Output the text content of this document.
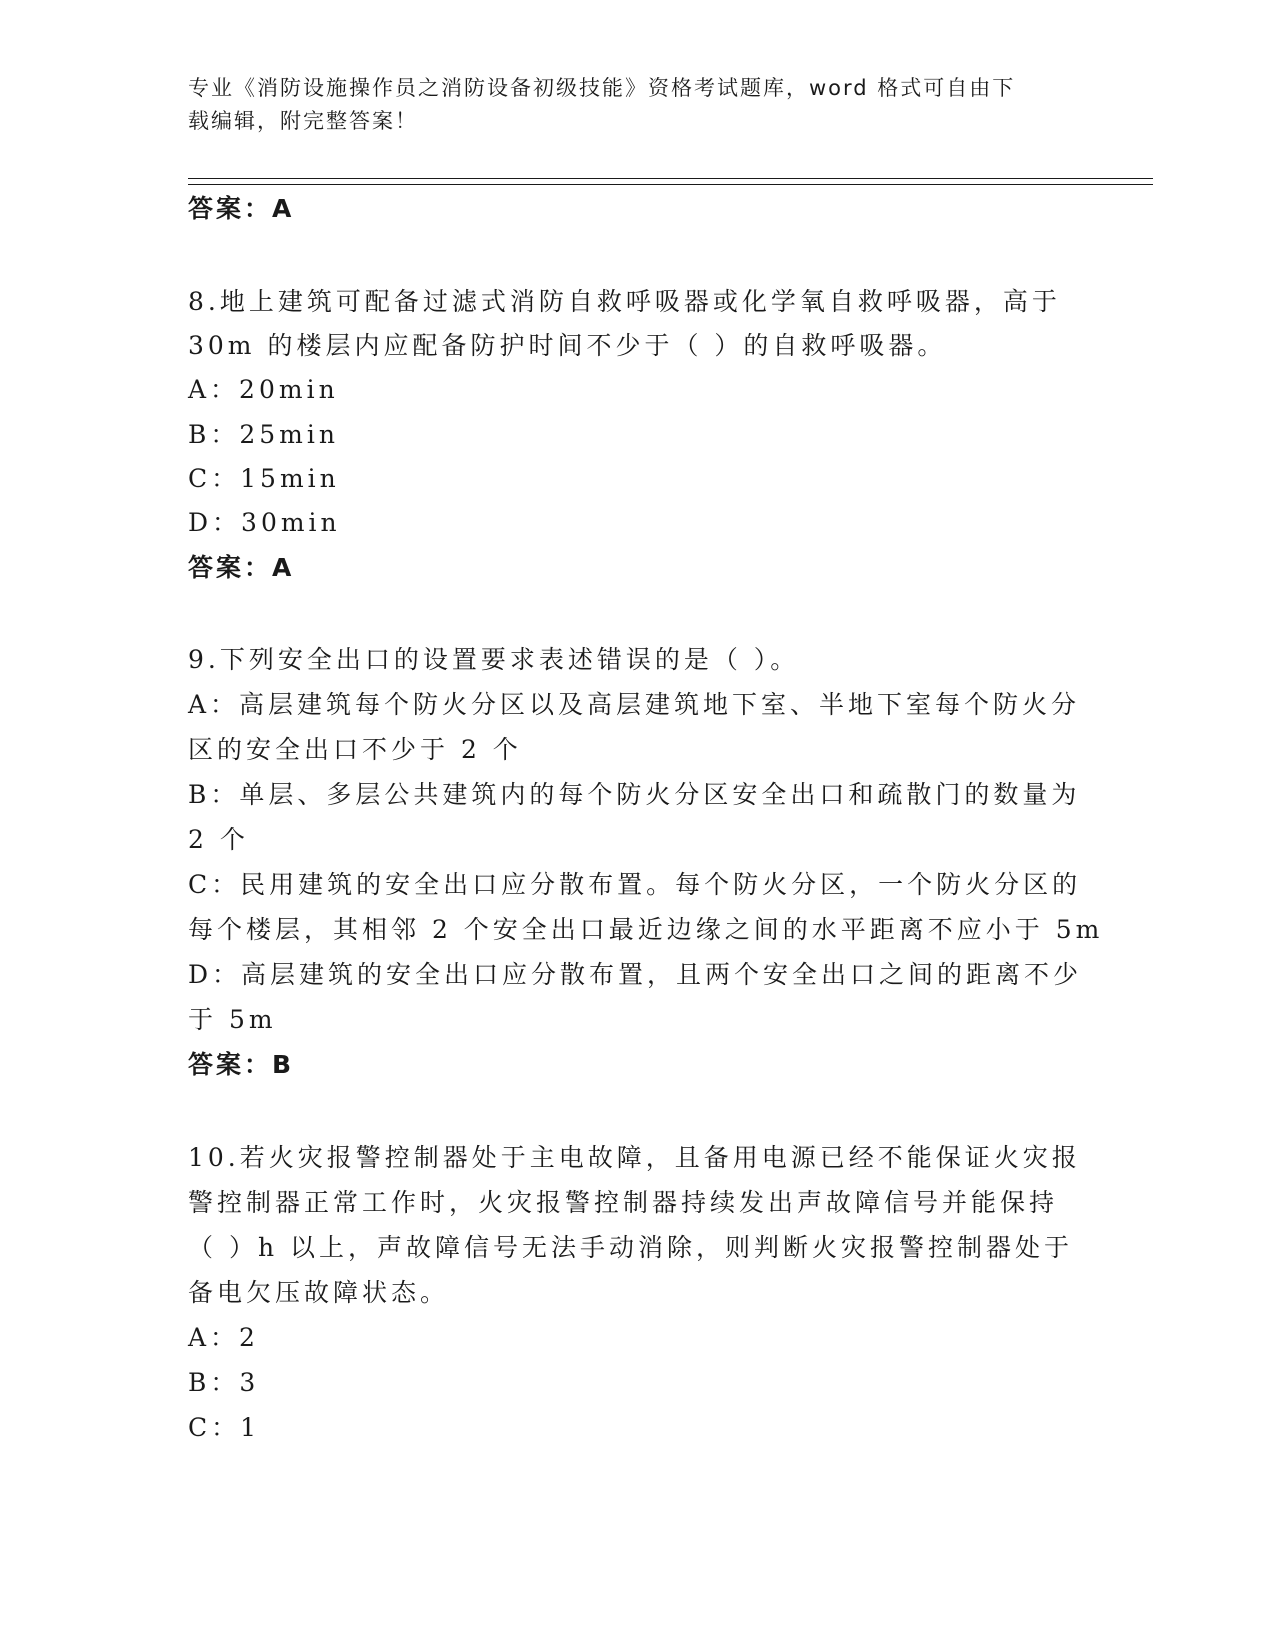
专业《消防设施操作员之消防设备初级技能》资格考试题库，word 格式可自由下
载编辑，附完整答案！
答案：A
8.地上建筑可配备过滤式消防自救呼吸器或化学氧自救呼吸器，高于
30m 的楼层内应配备防护时间不少于（ ）的自救呼吸器。
A：20min
B：25min
C：15min
D：30min
答案：A
9.下列安全出口的设置要求表述错误的是（ ）。
A：高层建筑每个防火分区以及高层建筑地下室、半地下室每个防火分
区的安全出口不少于 2 个
B：单层、多层公共建筑内的每个防火分区安全出口和疏散门的数量为
2 个
C：民用建筑的安全出口应分散布置。每个防火分区，一个防火分区的
每个楼层，其相邻 2 个安全出口最近边缘之间的水平距离不应小于 5m
D：高层建筑的安全出口应分散布置，且两个安全出口之间的距离不少
于 5m
答案：B
10.若火灾报警控制器处于主电故障，且备用电源已经不能保证火灾报
警控制器正常工作时，火灾报警控制器持续发出声故障信号并能保持
（ ）h 以上，声故障信号无法手动消除，则判断火灾报警控制器处于
备电欠压故障状态。
A：2
B：3
C：1
